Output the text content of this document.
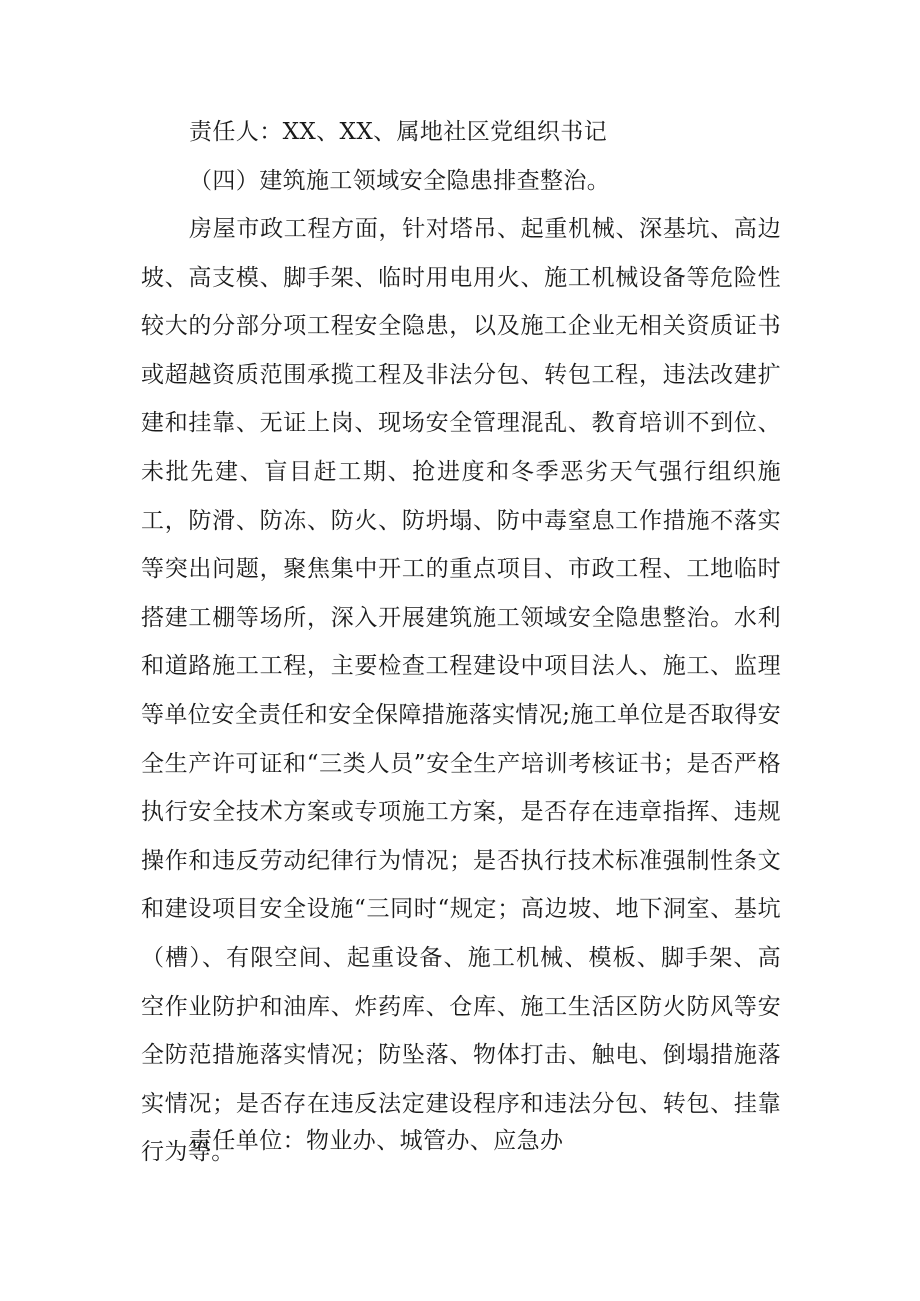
责任人：XX、XX、属地社区党组织书记

（四）建筑施工领域安全隐患排查整治。

房屋市政工程方面，针对塔吊、起重机械、深基坑、高边坡、高支模、脚手架、临时用电用火、施工机械设备等危险性较大的分部分项工程安全隐患，以及施工企业无相关资质证书或超越资质范围承揽工程及非法分包、转包工程，违法改建扩建和挂靠、无证上岗、现场安全管理混乱、教育培训不到位、未批先建、盲目赶工期、抢进度和冬季恶劣天气强行组织施工，防滑、防冻、防火、防坍塌、防中毒窒息工作措施不落实等突出问题，聚焦集中开工的重点项目、市政工程、工地临时搭建工棚等场所，深入开展建筑施工领域安全隐患整治。水利和道路施工工程，主要检查工程建设中项目法人、施工、监理等单位安全责任和安全保障措施落实情况;施工单位是否取得安全生产许可证和“三类人员”安全生产培训考核证书；是否严格执行安全技术方案或专项施工方案，是否存在违章指挥、违规操作和违反劳动纪律行为情况；是否执行技术标准强制性条文和建设项目安全设施“三同时“规定；高边坡、地下洞室、基坑（槽）、有限空间、起重设备、施工机械、模板、脚手架、高空作业防护和油库、炸药库、仓库、施工生活区防火防风等安全防范措施落实情况；防坠落、物体打击、触电、倒塌措施落实情况；是否存在违反法定建设程序和违法分包、转包、挂靠行为等。

责任单位：物业办、城管办、应急办
